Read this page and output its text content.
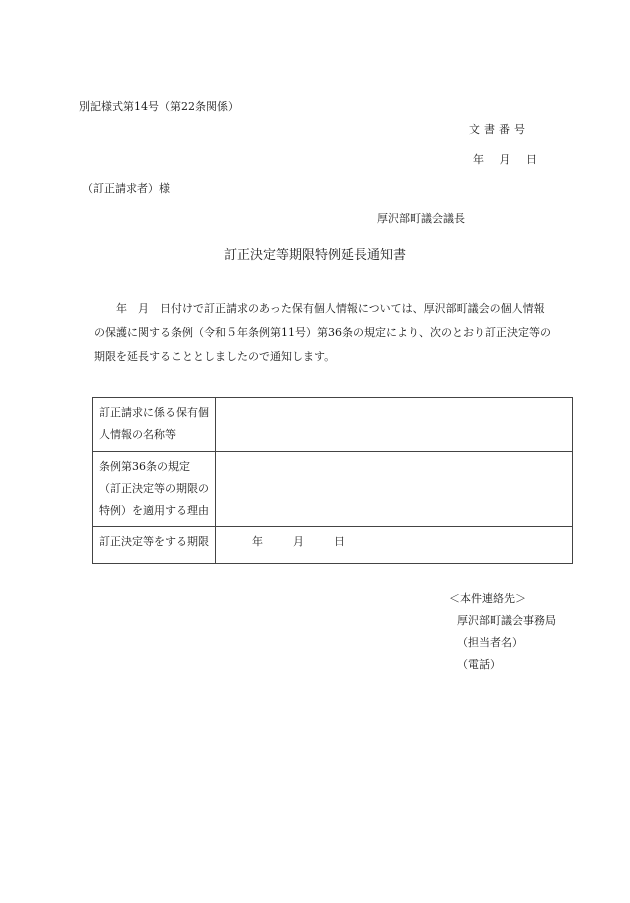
別記様式第14号（第22条関係）
文書番号
年 月 日
（訂正請求者）様
厚沢部町議会議長
訂正決定等期限特例延長通知書

年　月　日付けで訂正請求のあった保有個人情報については、厚沢部町議会の個人情報

の保護に関する条例（令和５年条例第11号）第36条の規定により、次のとおり訂正決定等の

期限を延長することとしましたので通知します。

訂正請求に係る保有個人情報の名称等	
条例第36条の規定（訂正決定等の期限の特例）を適用する理由	
訂正決定等をする期限	年 月 日
＜本件連絡先＞
厚沢部町議会事務局
（担当者名）
（電話）
